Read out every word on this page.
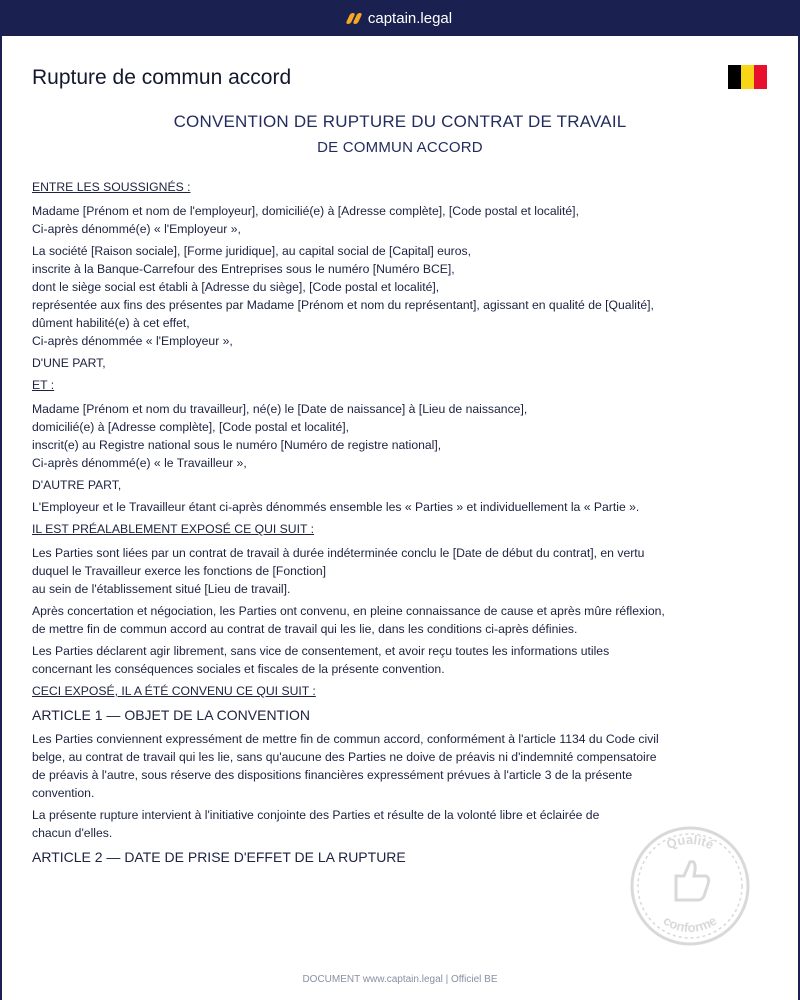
captain.legal
Rupture de commun accord
CONVENTION DE RUPTURE DU CONTRAT DE TRAVAIL
DE COMMUN ACCORD
ENTRE LES SOUSSIGNÉS :

Madame [Prénom et nom de l'employeur], domicilié(e) à [Adresse complète], [Code postal et localité],

Ci-après dénommé(e) « l'Employeur »,

La société [Raison sociale], [Forme juridique], au capital social de [Capital] euros,

inscrite à la Banque-Carrefour des Entreprises sous le numéro [Numéro BCE],

dont le siège social est établi à [Adresse du siège], [Code postal et localité],

représentée aux fins des présentes par Madame [Prénom et nom du représentant], agissant en qualité de [Qualité],

dûment habilité(e) à cet effet,

Ci-après dénommée « l'Employeur »,

D'UNE PART,

ET :

Madame [Prénom et nom du travailleur], né(e) le [Date de naissance] à [Lieu de naissance],

domicilié(e) à [Adresse complète], [Code postal et localité],

inscrit(e) au Registre national sous le numéro [Numéro de registre national],

Ci-après dénommé(e) « le Travailleur »,

D'AUTRE PART,

L'Employeur et le Travailleur étant ci-après dénommés ensemble les « Parties » et individuellement la « Partie ».

IL EST PRÉALABLEMENT EXPOSÉ CE QUI SUIT :

Les Parties sont liées par un contrat de travail à durée indéterminée conclu le [Date de début du contrat], en vertu

duquel le Travailleur exerce les fonctions de [Fonction]

au sein de l'établissement situé [Lieu de travail].

Après concertation et négociation, les Parties ont convenu, en pleine connaissance de cause et après mûre réflexion,

de mettre fin de commun accord au contrat de travail qui les lie, dans les conditions ci-après définies.

Les Parties déclarent agir librement, sans vice de consentement, et avoir reçu toutes les informations utiles

concernant les conséquences sociales et fiscales de la présente convention.

CECI EXPOSÉ, IL A ÉTÉ CONVENU CE QUI SUIT :
ARTICLE 1 — OBJET DE LA CONVENTION

Les Parties conviennent expressément de mettre fin de commun accord, conformément à l'article 1134 du Code civil

belge, au contrat de travail qui les lie, sans qu'aucune des Parties ne doive de préavis ni d'indemnité compensatoire

de préavis à l'autre, sous réserve des dispositions financières expressément prévues à l'article 3 de la présente

convention.

La présente rupture intervient à l'initiative conjointe des Parties et résulte de la volonté libre et éclairée de

chacun d'elles.

ARTICLE 2 — DATE DE PRISE D'EFFET DE LA RUPTURE
Qualité
conforme
DOCUMENT www.captain.legal | Officiel BE
